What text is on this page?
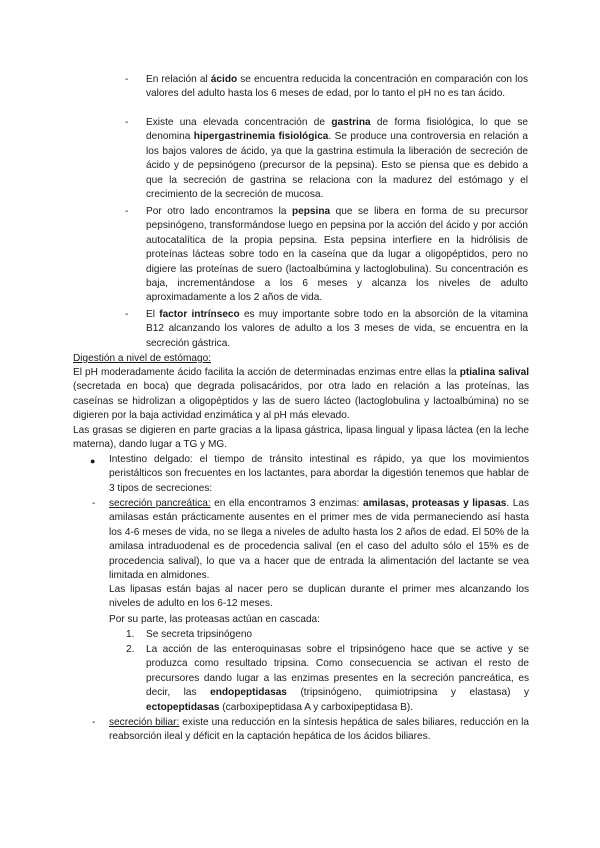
- En relación al ácido se encuentra reducida la concentración en comparación con los valores del adulto hasta los 6 meses de edad, por lo tanto el pH no es tan ácido.

- Existe una elevada concentración de gastrina de forma fisiológica, lo que se denomina hipergastrinemia fisiológica. Se produce una controversia en relación a los bajos valores de ácido, ya que la gastrina estimula la liberación de secreción de ácido y de pepsinógeno (precursor de la pepsina). Esto se piensa que es debido a que la secreción de gastrina se relaciona con la madurez del estómago y el crecimiento de la secreción de mucosa.

- Por otro lado encontramos la pepsina que se libera en forma de su precursor pepsinógeno, transformándose luego en pepsina por la acción del ácido y por acción autocatalítica de la propia pepsina. Esta pepsina interfiere en la hidrólisis de proteínas lácteas sobre todo en la caseína que da lugar a oligopéptidos, pero no digiere las proteínas de suero (lactoalbúmina y lactoglobulina). Su concentración es baja, incrementándose a los 6 meses y alcanza los niveles de adulto aproximadamente a los 2 años de vida.

- El factor intrínseco es muy importante sobre todo en la absorción de la vitamina B12 alcanzando los valores de adulto a los 3 meses de vida, se encuentra en la secreción gástrica.

Digestión a nivel de estómago:

El pH moderadamente ácido facilita la acción de determinadas enzimas entre ellas la ptialina salival (secretada en boca) que degrada polisacáridos, por otra lado en relación a las proteínas, las caseínas se hidrolizan a oligopéptidos y las de suero lácteo (lactoglobulina y lactoalbúmina) no se digieren por la baja actividad enzimática y al pH más elevado.

Las grasas se digieren en parte gracias a la lipasa gástrica, lipasa lingual y lipasa láctea (en la leche materna), dando lugar a TG y MG.

● Intestino delgado: el tiempo de tránsito intestinal es rápido, ya que los movimientos peristálticos son frecuentes en los lactantes, para abordar la digestión tenemos que hablar de 3 tipos de secreciones:

- secreción pancreática: en ella encontramos 3 enzimas: amilasas, proteasas y lipasas. Las amilasas están prácticamente ausentes en el primer mes de vida permaneciendo así hasta los 4-6 meses de vida, no se llega a niveles de adulto hasta los 2 años de edad. El 50% de la amilasa intraduodenal es de procedencia salival (en el caso del adulto sólo el 15% es de procedencia salival), lo que va a hacer que de entrada la alimentación del lactante se vea limitada en almidones.

Las lipasas están bajas al nacer pero se duplican durante el primer mes alcanzando los niveles de adulto en los 6-12 meses.

Por su parte, las proteasas actúan en cascada:

1. Se secreta tripsinógeno

2. La acción de las enteroquinasas sobre el tripsinógeno hace que se active y se produzca como resultado tripsina. Como consecuencia se activan el resto de precursores dando lugar a las enzimas presentes en la secreción pancreática, es decir, las endopeptidasas (tripsinógeno, quimiotripsina y elastasa) y ectopeptidasas (carboxipeptidasa A y carboxipeptidasa B).

- secreción biliar: existe una reducción en la síntesis hepática de sales biliares, reducción en la reabsorción ileal y déficit en la captación hepática de los ácidos biliares.
